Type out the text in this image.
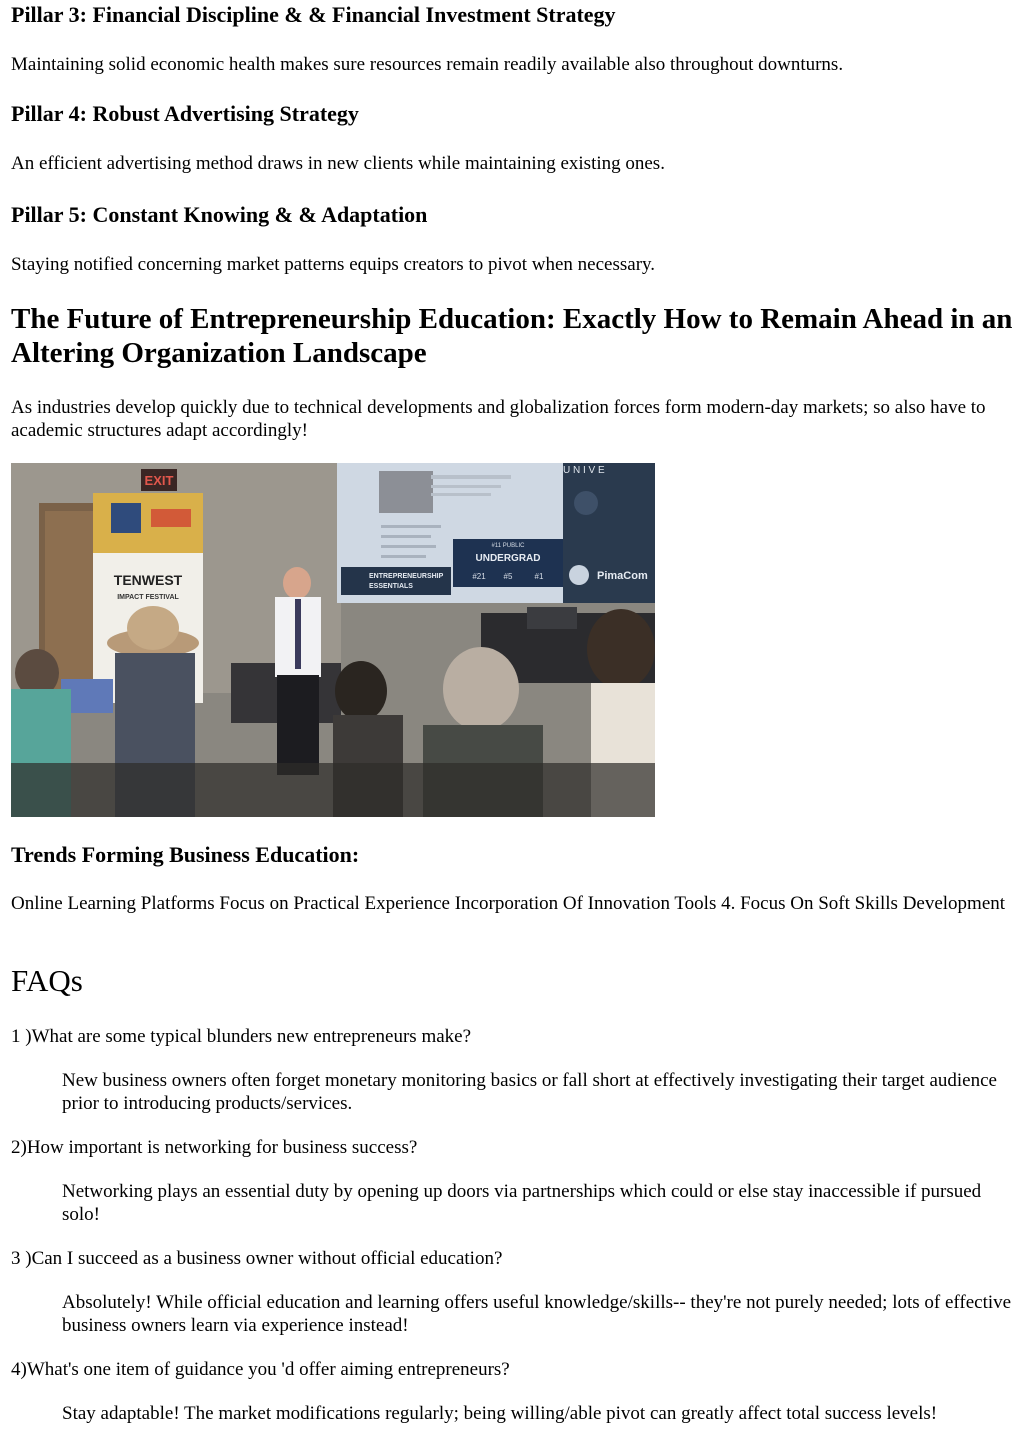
Pillar 3: Financial Discipline & & Financial Investment Strategy

Maintaining solid economic health makes sure resources remain readily available also throughout downturns.

Pillar 4: Robust Advertising Strategy

An efficient advertising method draws in new clients while maintaining existing ones.

Pillar 5: Constant Knowing & & Adaptation

Staying notified concerning market patterns equips creators to pivot when necessary.

The Future of Entrepreneurship Education: Exactly How to Remain Ahead in an Altering Organization Landscape

As industries develop quickly due to technical developments and globalization forces form modern-day markets; so also have to academic structures adapt accordingly!

EXIT
TENWEST
IMPACT FESTIVAL
#11 PUBLIC
UNDERGRAD
#21 #5	#1
ENTREPRENEURSHIP
ESSENTIALS
U N I V E
PimaCom
Trends Forming Business Education:

Online Learning Platforms Focus on Practical Experience Incorporation Of Innovation Tools 4. Focus On Soft Skills Development

FAQs

1 )What are some typical blunders new entrepreneurs make?

New business owners often forget monetary monitoring basics or fall short at effectively investigating their target audience prior to introducing products/services.

2)How important is networking for business success?

Networking plays an essential duty by opening up doors via partnerships which could or else stay inaccessible if pursued solo!

3 )Can I succeed as a business owner without official education?

Absolutely! While official education and learning offers useful knowledge/skills-- they're not purely needed; lots of effective business owners learn via experience instead!

4)What's one item of guidance you 'd offer aiming entrepreneurs?

Stay adaptable! The market modifications regularly; being willing/able pivot can greatly affect total success levels!
